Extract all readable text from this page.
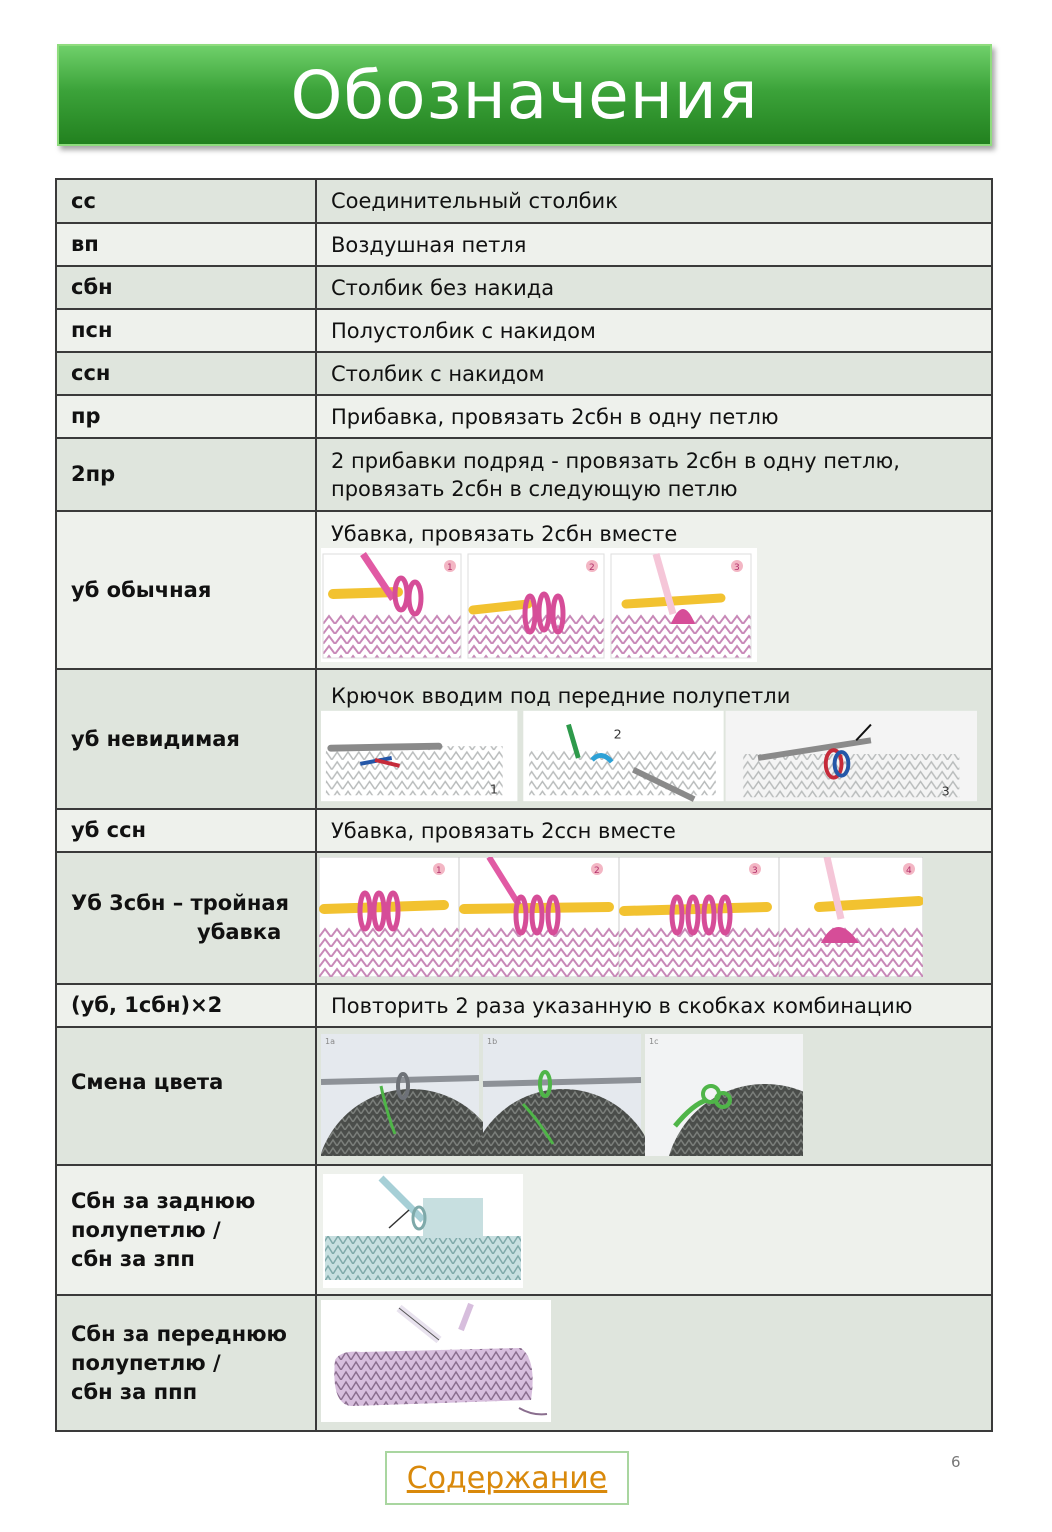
Обозначения
сс	Соединительный столбик
вп	Воздушная петля
сбн	Столбик без накида
псн	Полустолбик с накидом
ссн	Столбик с накидом
пр	Прибавка, провязать 2сбн в одну петлю
2пр	2 прибавки подряд - провязать 2сбн в одну петлю, провязать 2сбн в следующую петлю
уб обычная	Убавка, провязать 2сбн вместе
1 2 3

уб невидимая	Крючок вводим под передние полупетли
1
2
3

уб ссн	Убавка, провязать 2ссн вместе

Уб 3сбн – тройная
убавка	1 2 3 4

(уб, 1сбн)×2	Повторить 2 раза указанную в скобках комбинацию
Смена цвета	1a 1b 1c

Сбн за заднюю
полупетлю /
сбн за зпп

Сбн за переднюю
полупетлю /
сбн за ппп

Содержание	6
